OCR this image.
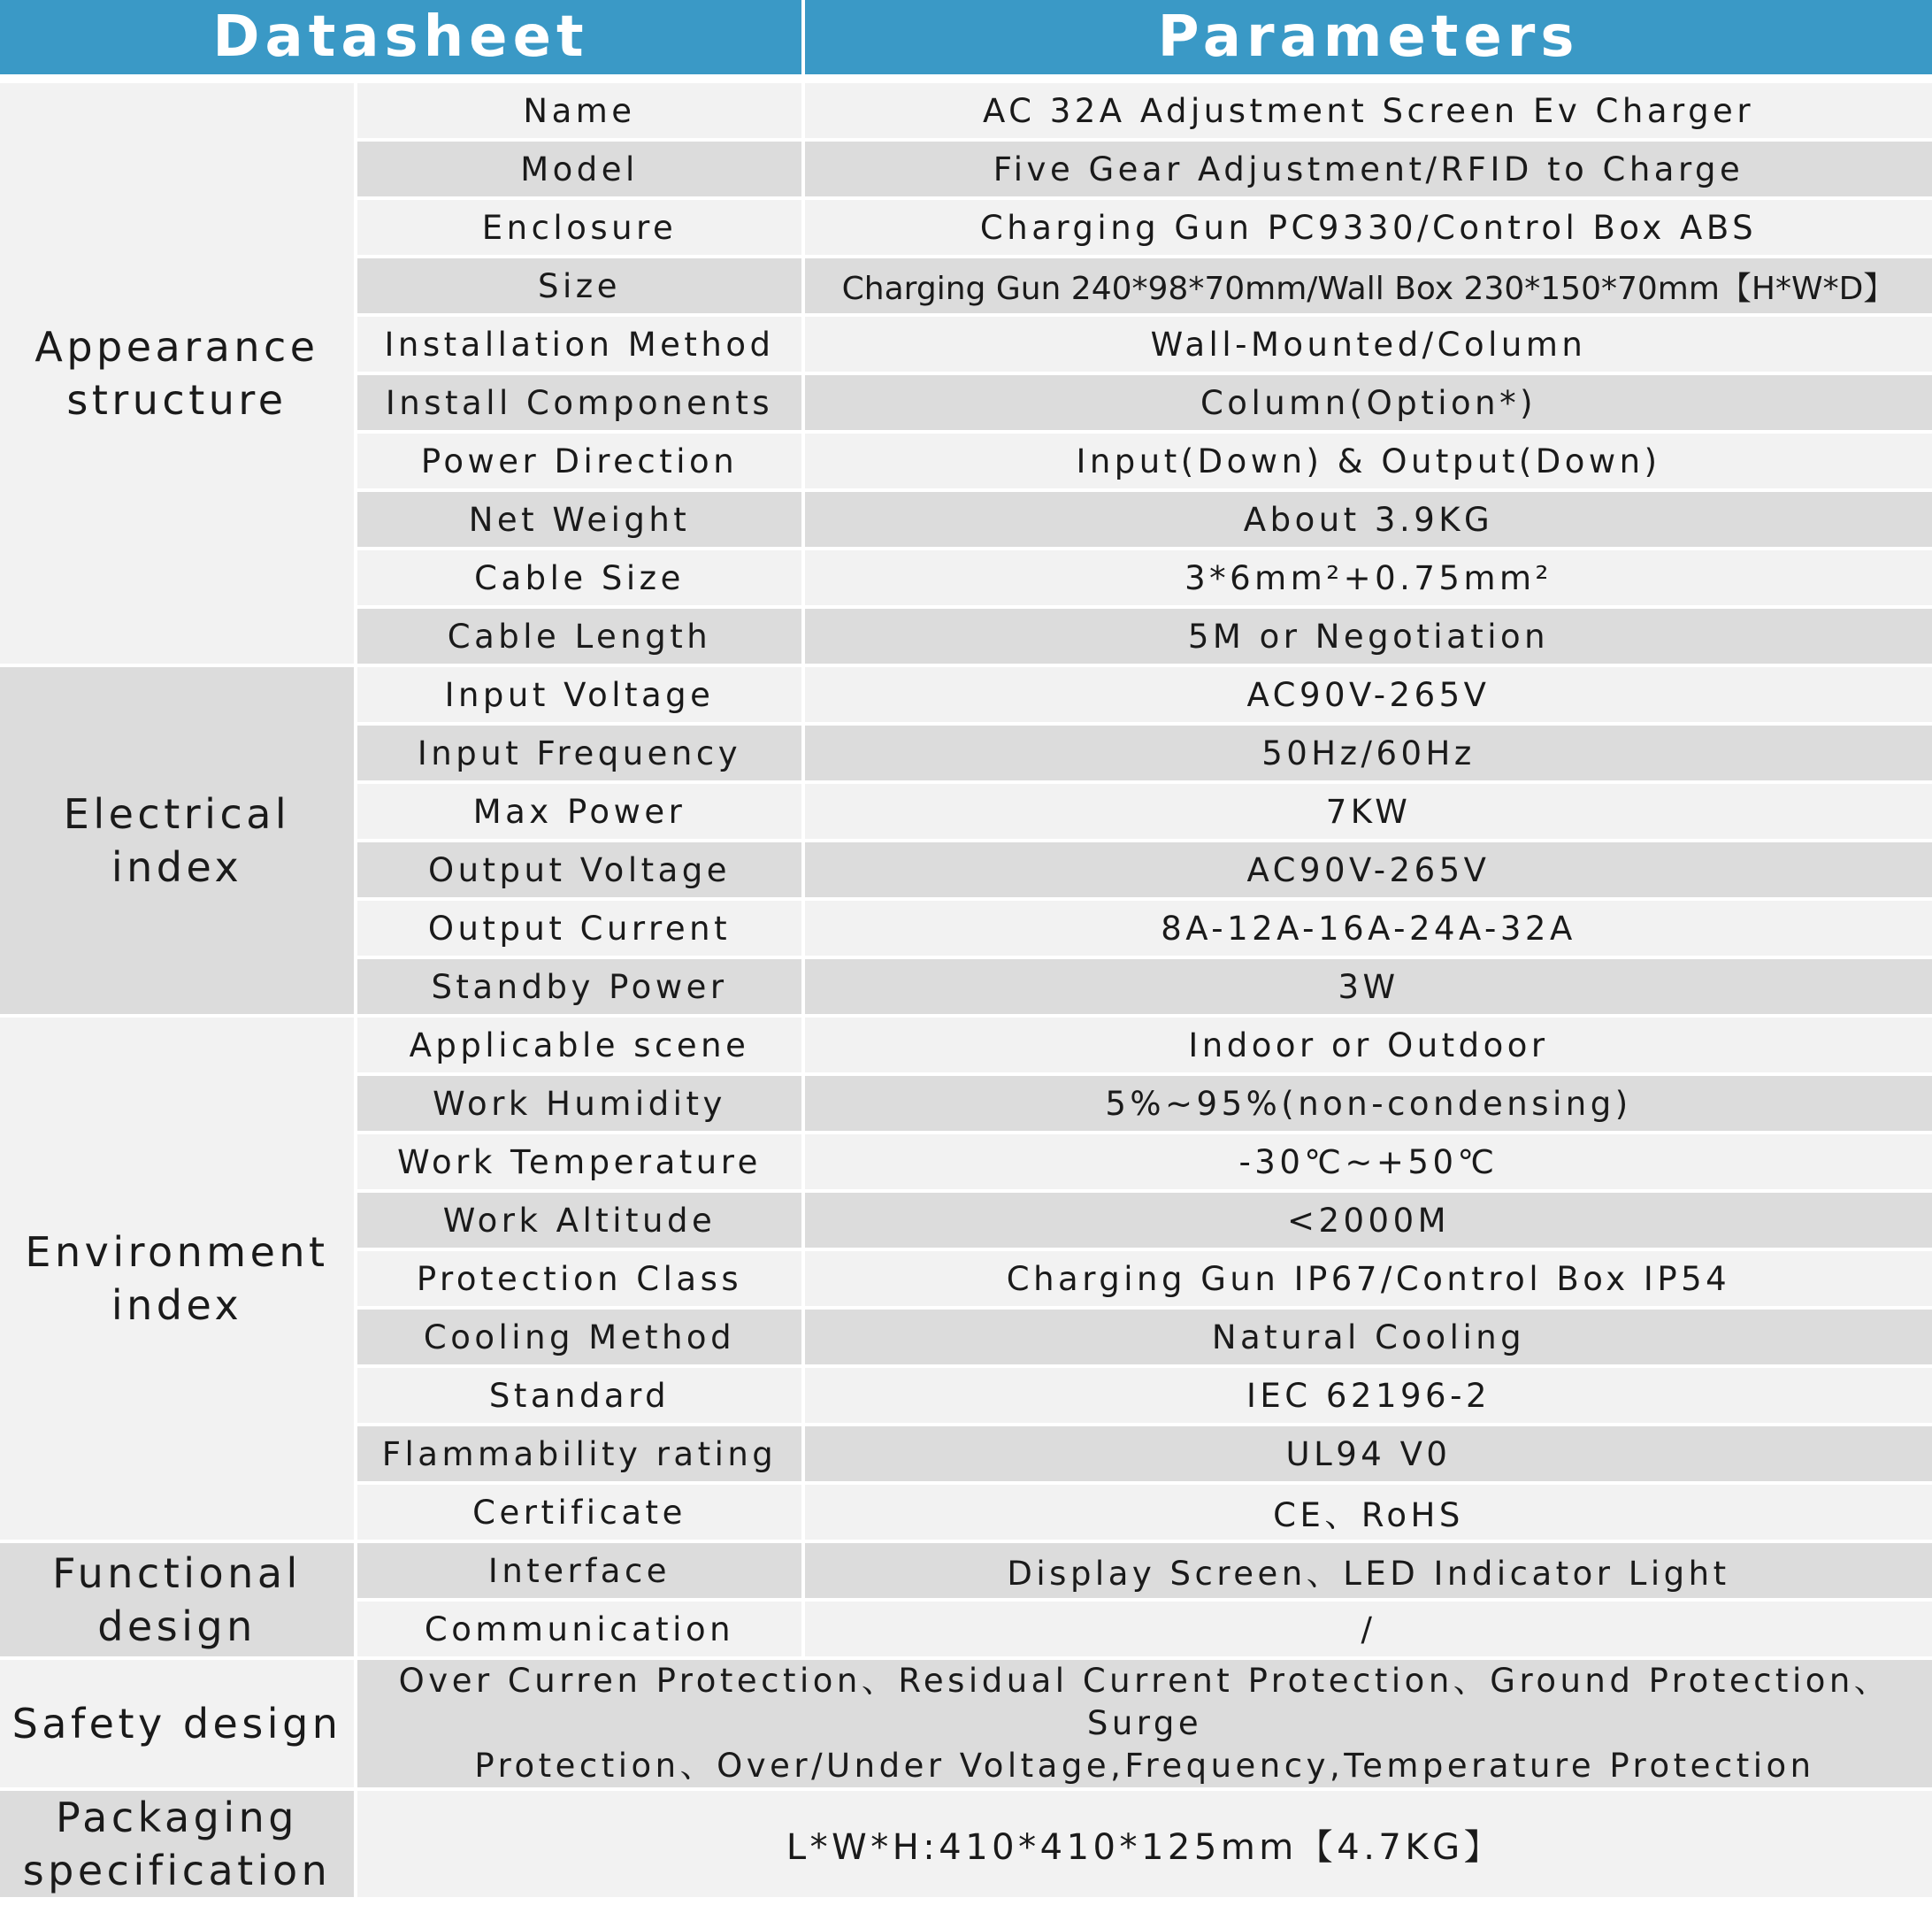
Datasheet		Parameters

Appearance
structure	Name	AC 32A Adjustment Screen Ev Charger
	Model	Five Gear Adjustment/RFID to Charge
	Enclosure	Charging Gun PC9330/Control Box ABS
	Size	Charging Gun 240*98*70mm/Wall Box 230*150*70mm【H*W*D】
	Installation Method	Wall-Mounted/Column
	Install Components	Column(Option*)
	Power Direction	Input(Down) & Output(Down)
	Net Weight	About 3.9KG
	Cable Size	3*6mm²+0.75mm²
	Cable Length	5M or Negotiation
Electrical index	Input Voltage	AC90V-265V
	Input Frequency	50Hz/60Hz
	Max Power	7KW
	Output Voltage	AC90V-265V
	Output Current	8A-12A-16A-24A-32A
	Standby Power	3W
Environment
index	Applicable scene	Indoor or Outdoor
	Work Humidity	5%~95%(non-condensing)
	Work Temperature	-30℃~+50℃
	Work Altitude	<2000M
	Protection Class	Charging Gun IP67/Control Box IP54
	Cooling Method	Natural Cooling
	Standard	IEC 62196-2
	Flammability rating	UL94 V0
	Certificate	CE、RoHS
Functional
design	Interface	Display Screen、LED Indicator Light
	Communication	/
Safety design	Over Curren Protection、Residual Current Protection、Ground Protection、Surge
Protection、Over/Under Voltage,Frequency,Temperature Protection	

Packaging
specification	L*W*H:410*410*125mm【4.7KG】	
